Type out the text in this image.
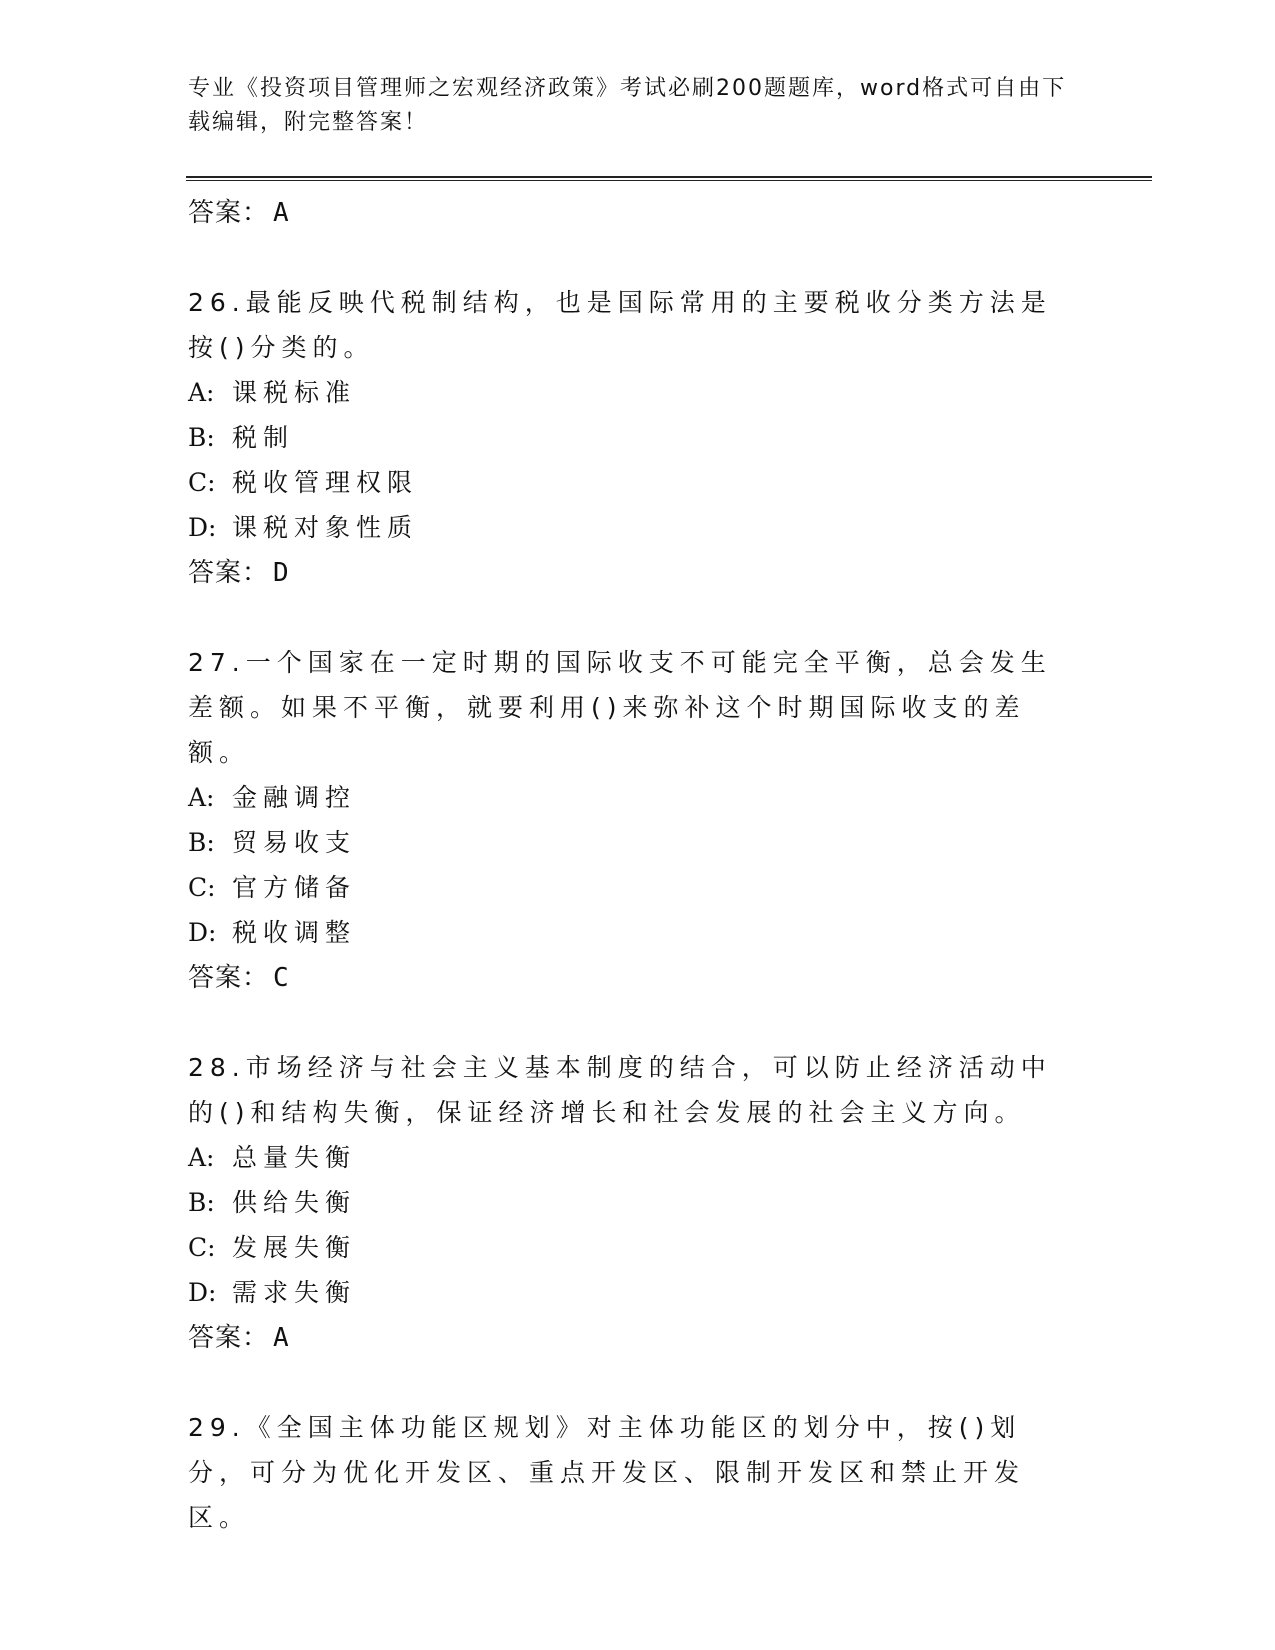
专业《投资项目管理师之宏观经济政策》考试必刷200题题库，word格式可自由下载编辑，附完整答案！
答案： A
26.最能反映代税制结构，也是国际常用的主要税收分类方法是按()分类的。
A: 课税标准
B: 税制
C: 税收管理权限
D: 课税对象性质
答案： D
27.一个国家在一定时期的国际收支不可能完全平衡，总会发生差额。如果不平衡，就要利用()来弥补这个时期国际收支的差额。
A: 金融调控
B: 贸易收支
C: 官方储备
D: 税收调整
答案： C
28.市场经济与社会主义基本制度的结合，可以防止经济活动中的()和结构失衡，保证经济增长和社会发展的社会主义方向。
A: 总量失衡
B: 供给失衡
C: 发展失衡
D: 需求失衡
答案： A
29.《全国主体功能区规划》对主体功能区的划分中，按()划分，可分为优化开发区、重点开发区、限制开发区和禁止开发区。
